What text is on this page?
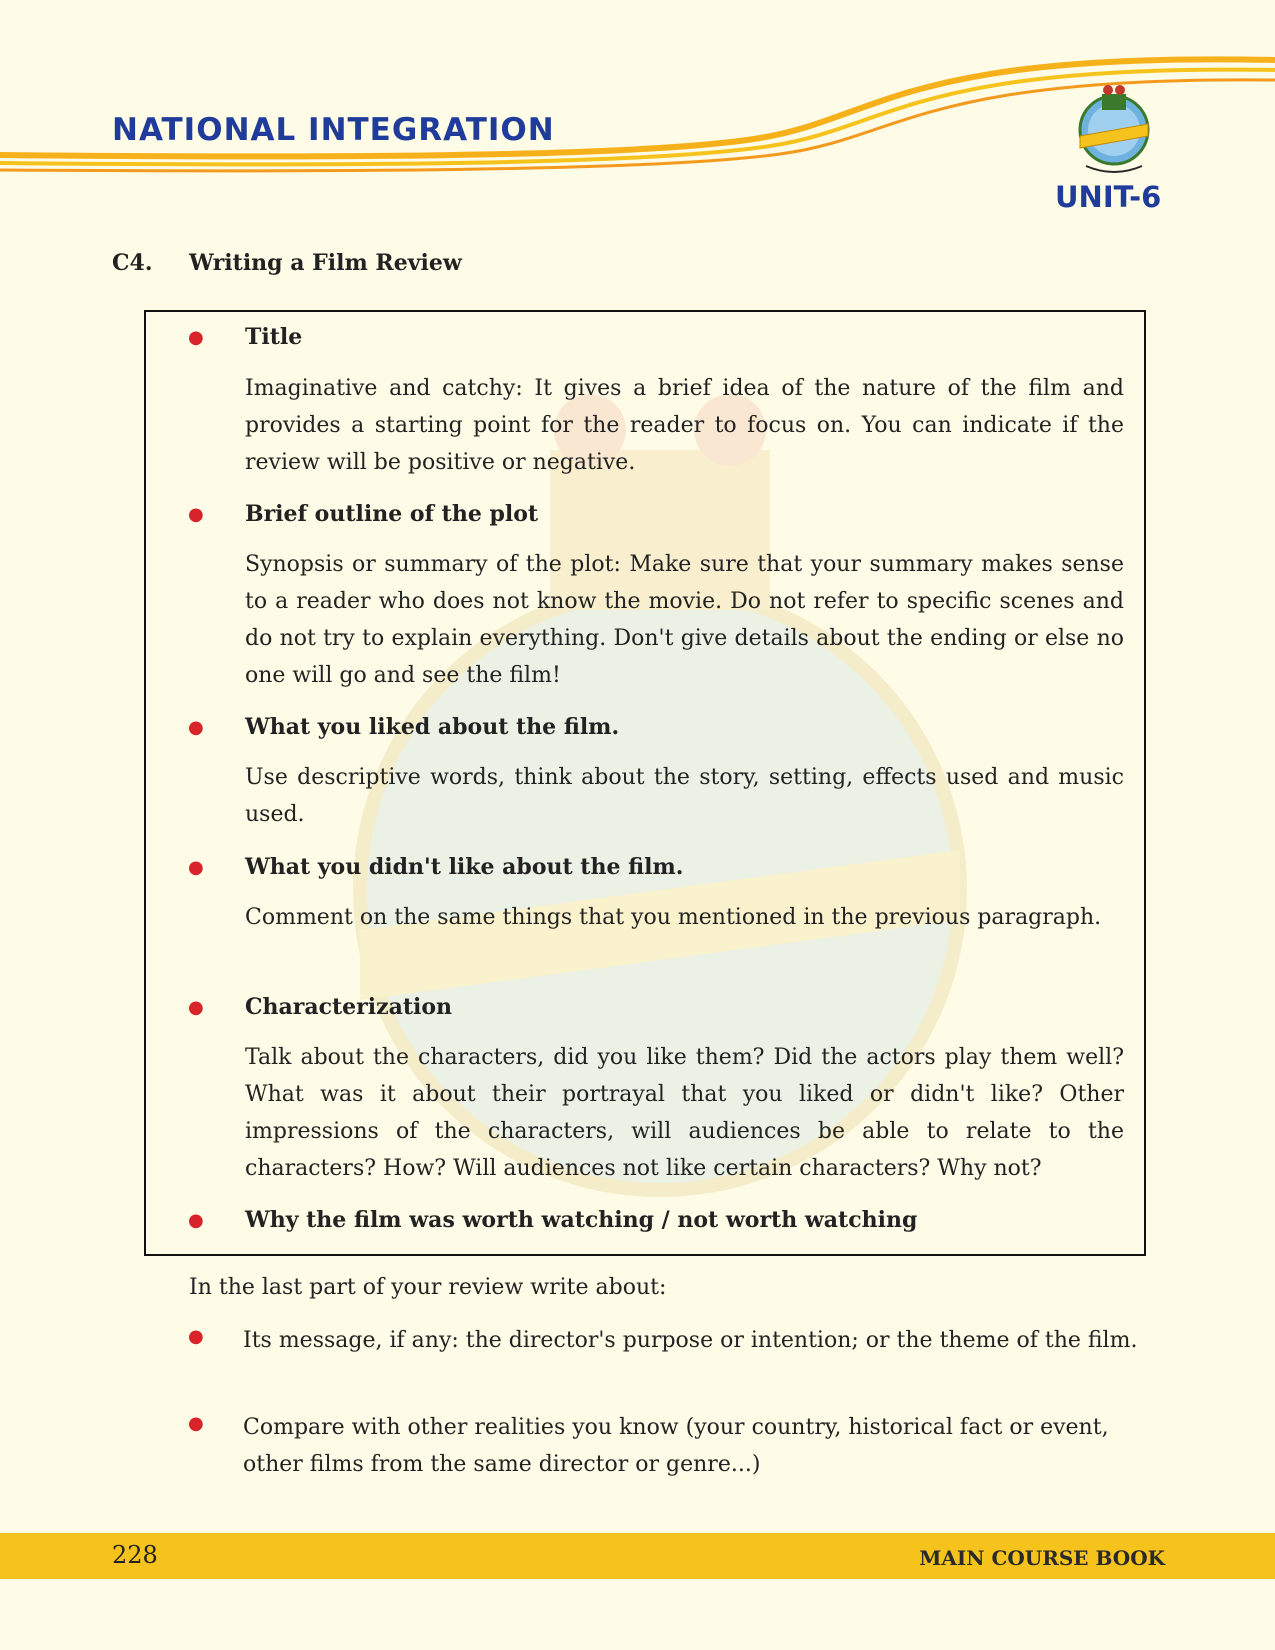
NATIONAL INTEGRATION
UNIT-6
C4. Writing a Film Review
● Title
Imaginative and catchy: It gives a brief idea of the nature of the film and provides a starting point for the reader to focus on. You can indicate if the review will be positive or negative.
● Brief outline of the plot
Synopsis or summary of the plot: Make sure that your summary makes sense to a reader who does not know the movie. Do not refer to specific scenes and do not try to explain everything. Don't give details about the ending or else no one will go and see the film!
● What you liked about the film.
Use descriptive words, think about the story, setting, effects used and music used.
● What you didn't like about the film.
Comment on the same things that you mentioned in the previous paragraph.
● Characterization
Talk about the characters, did you like them? Did the actors play them well? What was it about their portrayal that you liked or didn't like? Other impressions of the characters, will audiences be able to relate to the characters? How? Will audiences not like certain characters? Why not?
● Why the film was worth watching / not worth watching
In the last part of your review write about:
● Its message, if any: the director's purpose or intention; or the theme of the film.
● Compare with other realities you know (your country, historical fact or event, other films from the same director or genre...)
228	MAIN COURSE BOOK
